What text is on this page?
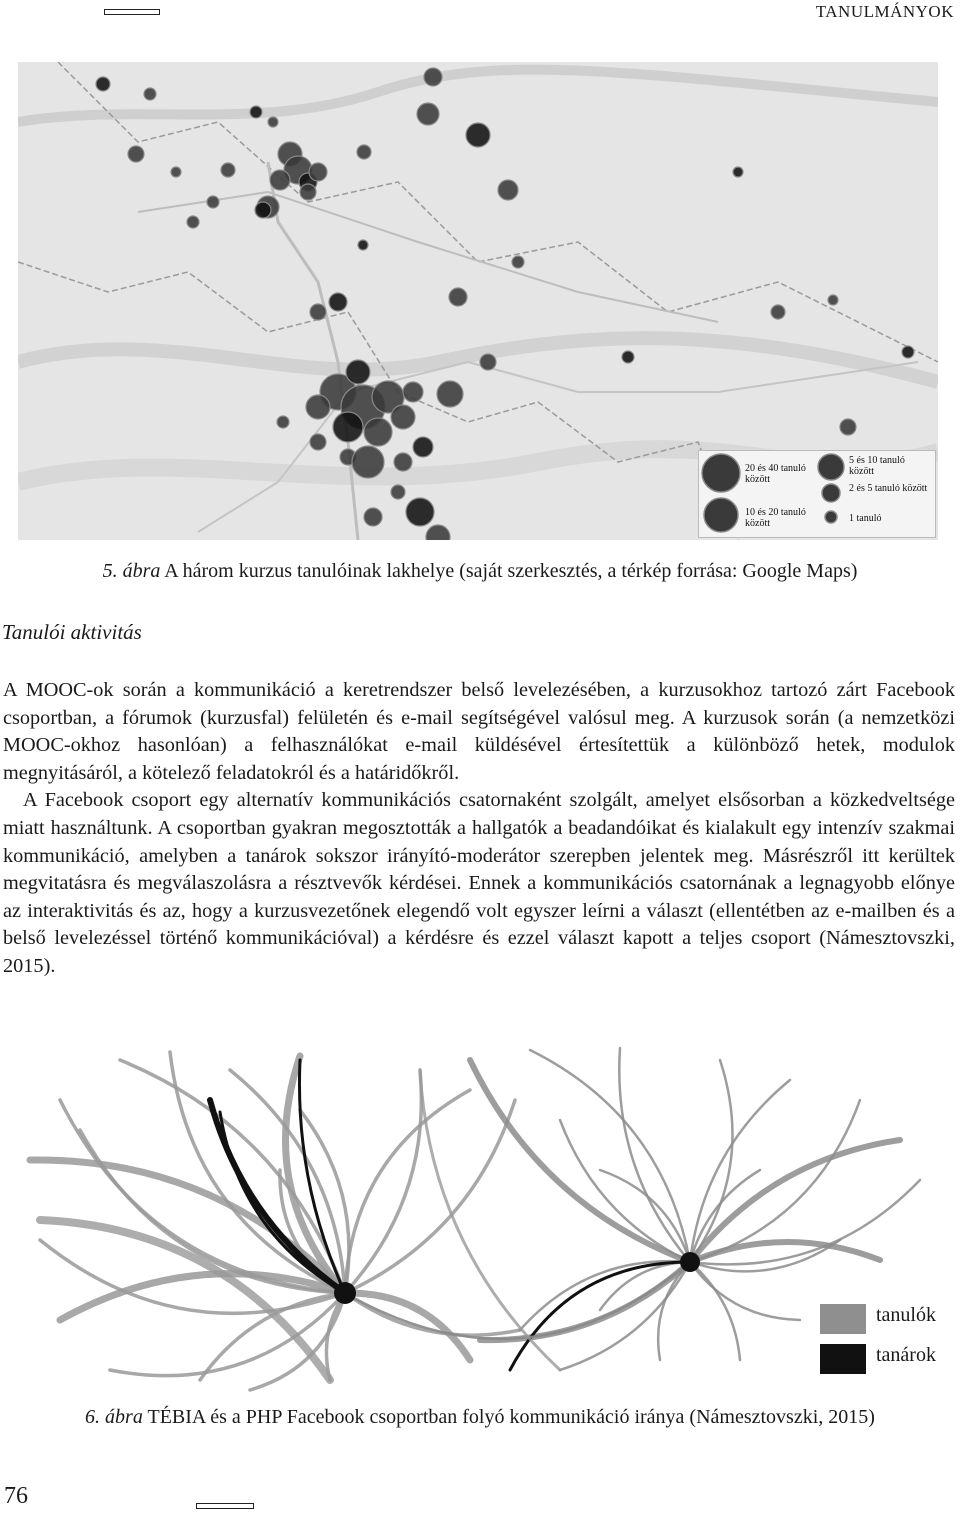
TANULMÁNYOK
20 és 40 tanuló között
10 és 20 tanuló között
5 és 10 tanuló között
2 és 5 tanuló között
1 tanuló
5. ábra A három kurzus tanulóinak lakhelye (saját szerkesztés, a térkép forrása: Google Maps)
Tanulói aktivitás

A MOOC-ok során a kommunikáció a keretrendszer belső levelezésében, a kurzusokhoz tartozó zárt Facebook csoportban, a fórumok (kurzusfal) felületén és e-mail segítségével valósul meg. A kurzusok során (a nemzetközi MOOC-okhoz hasonlóan) a felhasználókat e-mail küldésével értesítettük a különböző hetek, modulok megnyitásáról, a kötelező feladatokról és a határidőkről.

A Facebook csoport egy alternatív kommunikációs csatornaként szolgált, amelyet elsősorban a közkedveltsége miatt használtunk. A csoportban gyakran megosztották a hallgatók a beadandóikat és kialakult egy intenzív szakmai kommunikáció, amelyben a tanárok sokszor irányító-moderátor szerepben jelentek meg. Másrészről itt kerültek megvitatásra és megválaszolásra a résztvevők kérdései. Ennek a kommunikációs csatornának a legnagyobb előnye az interaktivitás és az, hogy a kurzusvezetőnek elegendő volt egyszer leírni a választ (ellentétben az e-mailben és a belső levelezéssel történő kommunikációval) a kérdésre és ezzel választ kapott a teljes csoport (Námesztovszki, 2015).

tanulók
tanárok
6. ábra TÉBIA és a PHP Facebook csoportban folyó kommunikáció iránya (Námesztovszki, 2015)
76
